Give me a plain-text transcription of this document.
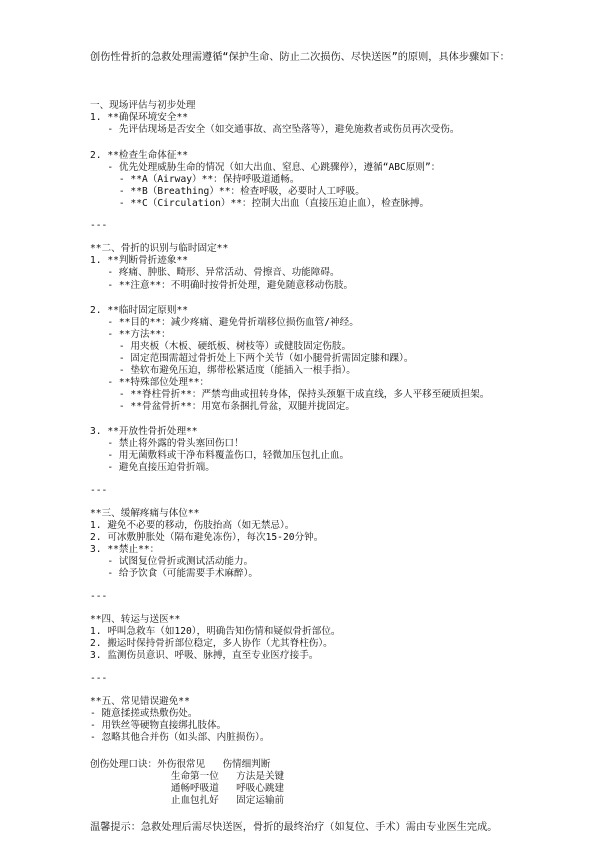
创伤性骨折的急救处理需遵循“保护生命、防止二次损伤、尽快送医”的原则，具体步骤如下：
一、现场评估与初步处理
1. **确保环境安全**
- 先评估现场是否安全（如交通事故、高空坠落等），避免施救者或伤员再次受伤。
2. **检查生命体征**
- 优先处理威胁生命的情况（如大出血、窒息、心跳骤停），遵循“ABC原则”：
- **A（Airway）**：保持呼吸道通畅。
- **B（Breathing）**：检查呼吸，必要时人工呼吸。
- **C（Circulation）**：控制大出血（直接压迫止血），检查脉搏。
---
**二、骨折的识别与临时固定**
1. **判断骨折迹象**
- 疼痛、肿胀、畸形、异常活动、骨擦音、功能障碍。
- **注意**：不明确时按骨折处理，避免随意移动伤肢。
2. **临时固定原则**
- **目的**：减少疼痛、避免骨折端移位损伤血管/神经。
- **方法**：
- 用夹板（木板、硬纸板、树枝等）或健肢固定伤肢。
- 固定范围需超过骨折处上下两个关节（如小腿骨折需固定膝和踝）。
- 垫软布避免压迫，绑带松紧适度（能插入一根手指）。
- **特殊部位处理**：
- **脊柱骨折**：严禁弯曲或扭转身体，保持头颈躯干成直线，多人平移至硬质担架。
- **骨盆骨折**：用宽布条捆扎骨盆，双腿并拢固定。
3. **开放性骨折处理**
- 禁止将外露的骨头塞回伤口！
- 用无菌敷料或干净布料覆盖伤口，轻微加压包扎止血。
- 避免直接压迫骨折端。
---
**三、缓解疼痛与体位**
1. 避免不必要的移动，伤肢抬高（如无禁忌）。
2. 可冰敷肿胀处（隔布避免冻伤），每次15-20分钟。
3. **禁止**：
- 试图复位骨折或测试活动能力。
- 给予饮食（可能需要手术麻醉）。
---
**四、转运与送医**
1. 呼叫急救车（如120），明确告知伤情和疑似骨折部位。
2. 搬运时保持骨折部位稳定，多人协作（尤其脊柱伤）。
3. 监测伤员意识、呼吸、脉搏，直至专业医疗接手。
---
**五、常见错误避免**
- 随意揉搓或热敷伤处。
- 用铁丝等硬物直接绑扎肢体。
- 忽略其他合并伤（如头部、内脏损伤）。
创伤处理口诀：外伤很常见   伤情细判断
生命第一位   方法是关键
通畅呼吸道   呼吸心跳建
止血包扎好   固定运输前
温馨提示：急救处理后需尽快送医，骨折的最终治疗（如复位、手术）需由专业医生完成。
